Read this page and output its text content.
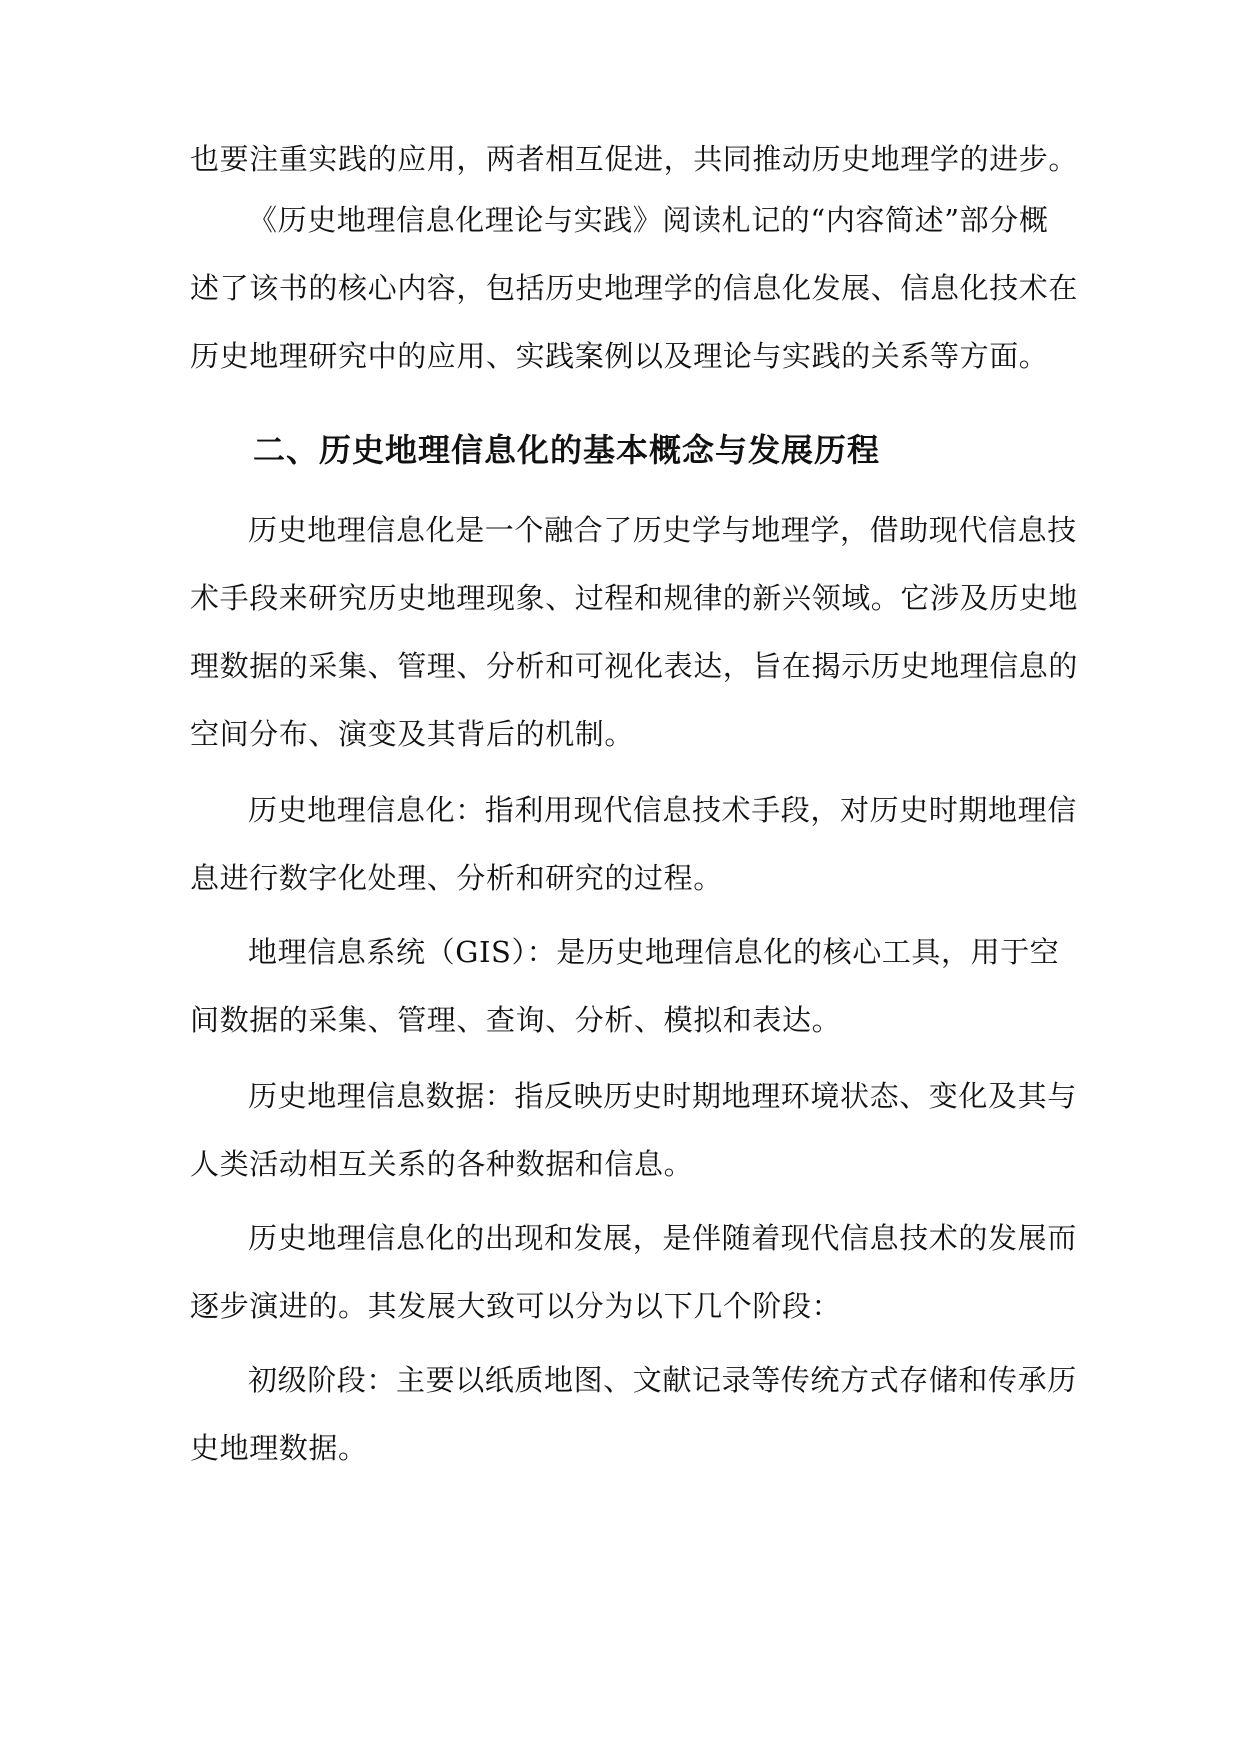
也要注重实践的应用，两者相互促进，共同推动历史地理学的进步。
《历史地理信息化理论与实践》阅读札记的“内容简述”部分概
述了该书的核心内容，包括历史地理学的信息化发展、信息化技术在
历史地理研究中的应用、实践案例以及理论与实践的关系等方面。
二、历史地理信息化的基本概念与发展历程
历史地理信息化是一个融合了历史学与地理学，借助现代信息技
术手段来研究历史地理现象、过程和规律的新兴领域。它涉及历史地
理数据的采集、管理、分析和可视化表达，旨在揭示历史地理信息的
空间分布、演变及其背后的机制。
历史地理信息化：指利用现代信息技术手段，对历史时期地理信
息进行数字化处理、分析和研究的过程。
地理信息系统（GIS）：是历史地理信息化的核心工具，用于空
间数据的采集、管理、查询、分析、模拟和表达。
历史地理信息数据：指反映历史时期地理环境状态、变化及其与
人类活动相互关系的各种数据和信息。
历史地理信息化的出现和发展，是伴随着现代信息技术的发展而
逐步演进的。其发展大致可以分为以下几个阶段：
初级阶段：主要以纸质地图、文献记录等传统方式存储和传承历
史地理数据。
